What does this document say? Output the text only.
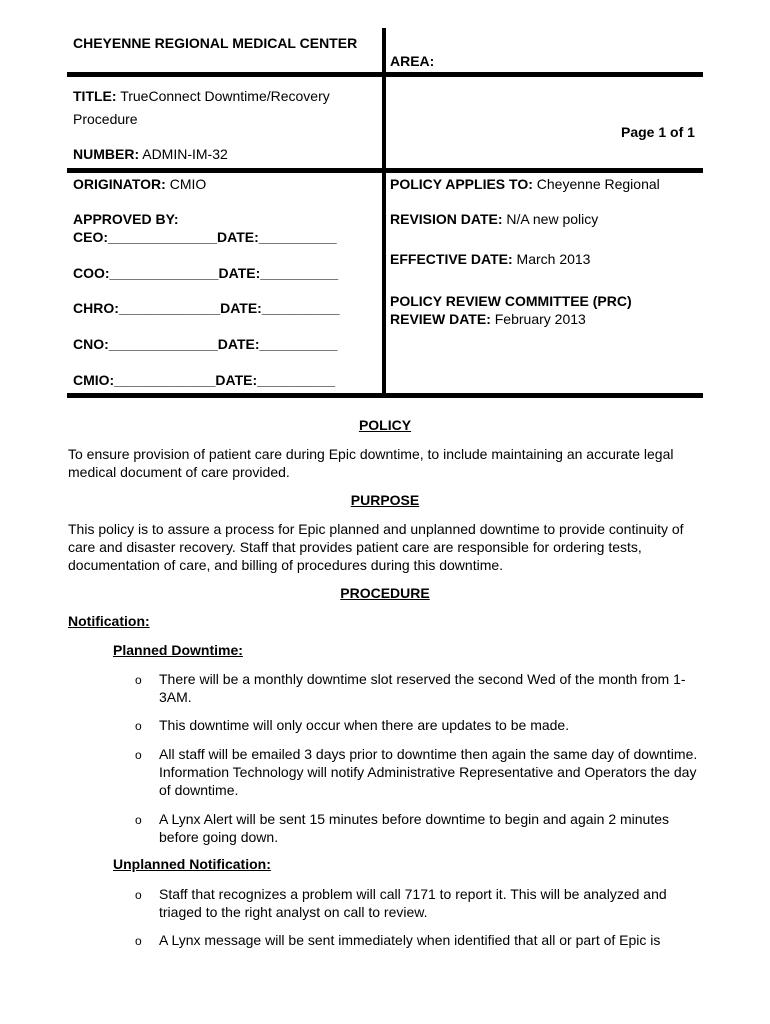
CHEYENNE REGIONAL MEDICAL CENTER
AREA:
TITLE: TrueConnect Downtime/Recovery
Procedure
Page 1 of 1
NUMBER: ADMIN-IM-32
ORIGINATOR: CMIO	POLICY APPLIES TO: Cheyenne Regional
APPROVED BY:
CEO:______________DATE:__________
COO:______________DATE:__________
CHRO:_____________DATE:__________
CNO:______________DATE:__________
CMIO:_____________DATE:__________
REVISION DATE: N/A new policy
EFFECTIVE DATE: March 2013
POLICY REVIEW COMMITTEE (PRC)
REVIEW DATE: February 2013
POLICY
To ensure provision of patient care during Epic downtime, to include maintaining an accurate legal medical document of care provided.
PURPOSE
This policy is to assure a process for Epic planned and unplanned downtime to provide continuity of care and disaster recovery. Staff that provides patient care are responsible for ordering tests, documentation of care, and billing of procedures during this downtime.
PROCEDURE
Notification:
Planned Downtime:
o There will be a monthly downtime slot reserved the second Wed of the month from 1-3AM.
o This downtime will only occur when there are updates to be made.
o All staff will be emailed 3 days prior to downtime then again the same day of downtime. Information Technology will notify Administrative Representative and Operators the day of downtime.
o A Lynx Alert will be sent 15 minutes before downtime to begin and again 2 minutes before going down.
Unplanned Notification:
o Staff that recognizes a problem will call 7171 to report it. This will be analyzed and triaged to the right analyst on call to review.
o A Lynx message will be sent immediately when identified that all or part of Epic is
